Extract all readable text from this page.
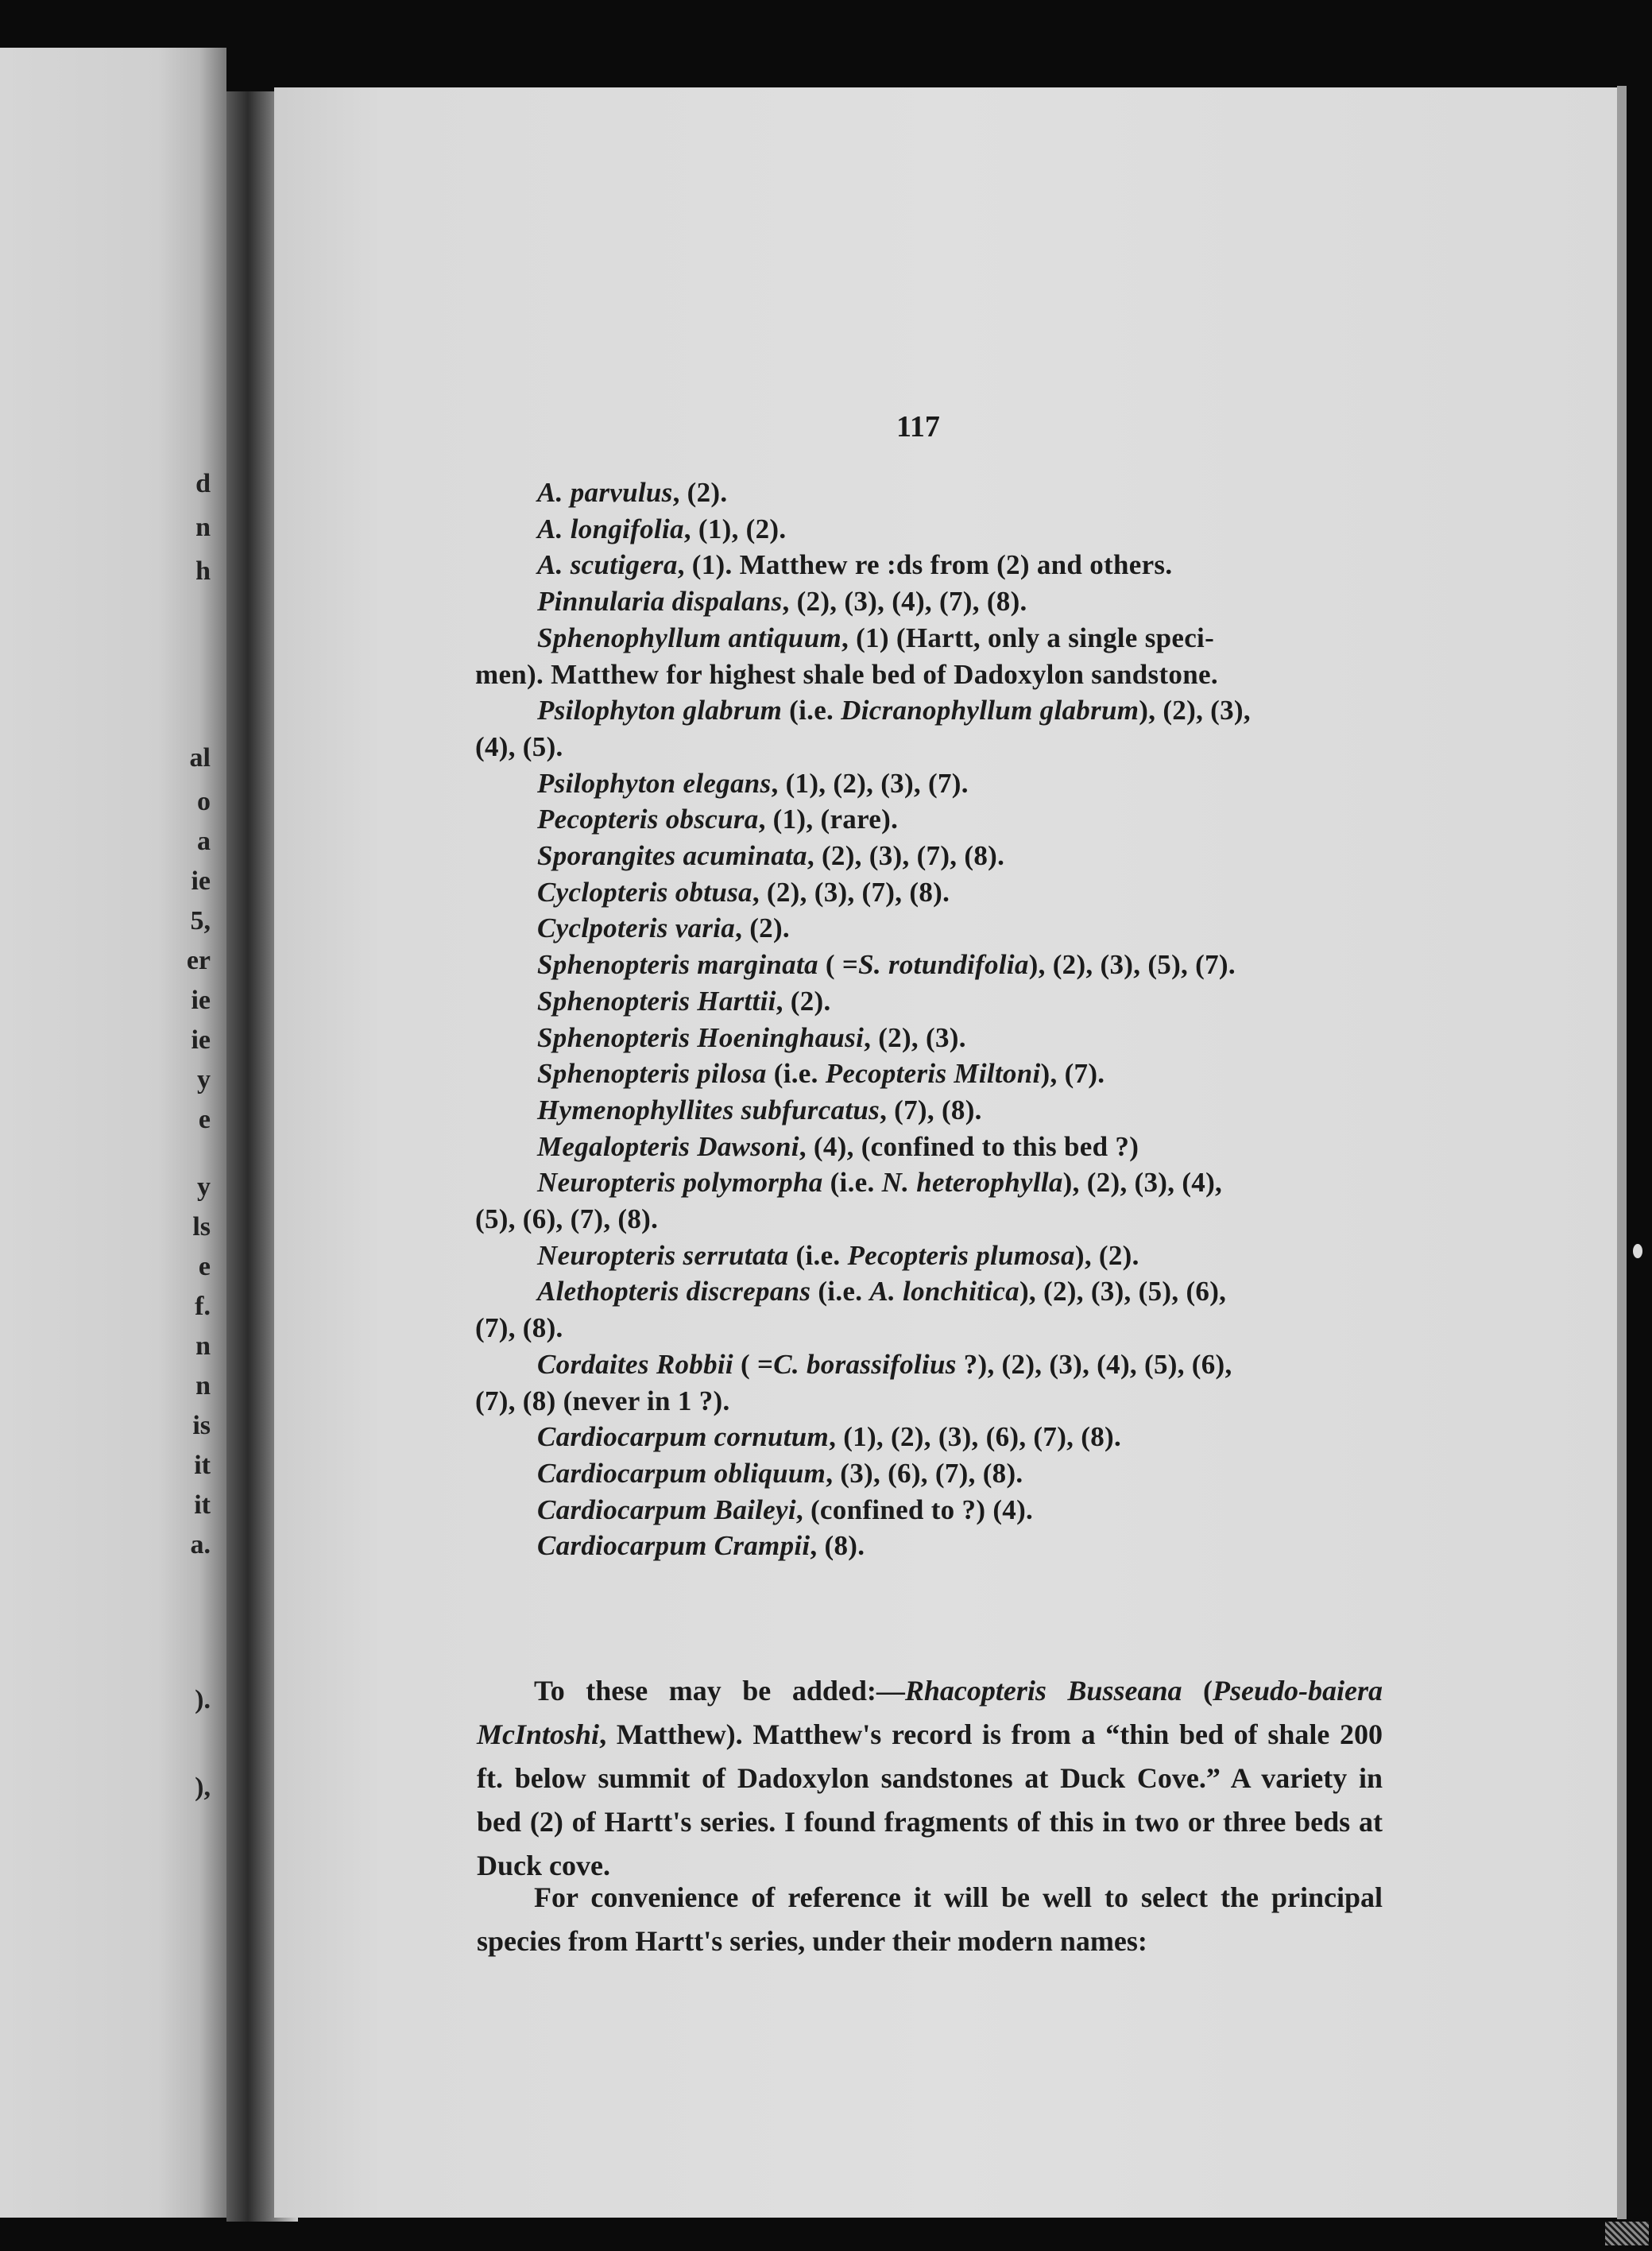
d
n
h
al
o
a
ie
5,
er
ie
ie
y
e
y
ls
e
f.
n
n
is
it
it
a.
).
),
117
A. parvulus, (2).
A. longifolia, (1), (2).
A. scutigera, (1). Matthew re :ds from (2) and others.
Pinnularia dispalans, (2), (3), (4), (7), (8).
Sphenophyllum antiquum, (1) (Hartt, only a single speci-
men). Matthew for highest shale bed of Dadoxylon sandstone.
Psilophyton glabrum (i.e. Dicranophyllum glabrum), (2), (3),
(4), (5).
Psilophyton elegans, (1), (2), (3), (7).
Pecopteris obscura, (1), (rare).
Sporangites acuminata, (2), (3), (7), (8).
Cyclopteris obtusa, (2), (3), (7), (8).
Cyclpoteris varia, (2).
Sphenopteris marginata ( =S. rotundifolia), (2), (3), (5), (7).
Sphenopteris Harttii, (2).
Sphenopteris Hoeninghausi, (2), (3).
Sphenopteris pilosa (i.e. Pecopteris Miltoni), (7).
Hymenophyllites subfurcatus, (7), (8).
Megalopteris Dawsoni, (4), (confined to this bed ?)
Neuropteris polymorpha (i.e. N. heterophylla), (2), (3), (4),
(5), (6), (7), (8).
Neuropteris serrutata (i.e. Pecopteris plumosa), (2).
Alethopteris discrepans (i.e. A. lonchitica), (2), (3), (5), (6),
(7), (8).
Cordaites Robbii ( =C. borassifolius ?), (2), (3), (4), (5), (6),
(7), (8) (never in 1 ?).
Cardiocarpum cornutum, (1), (2), (3), (6), (7), (8).
Cardiocarpum obliquum, (3), (6), (7), (8).
Cardiocarpum Baileyi, (confined to ?) (4).
Cardiocarpum Crampii, (8).
To these may be added:—Rhacopteris Busseana (Pseudo-baiera McIntoshi, Matthew). Matthew's record is from a “thin bed of shale 200 ft. below summit of Dadoxylon sandstones at Duck Cove.” A variety in bed (2) of Hartt's series. I found fragments of this in two or three beds at Duck cove.
For convenience of reference it will be well to select the principal species from Hartt's series, under their modern names:
